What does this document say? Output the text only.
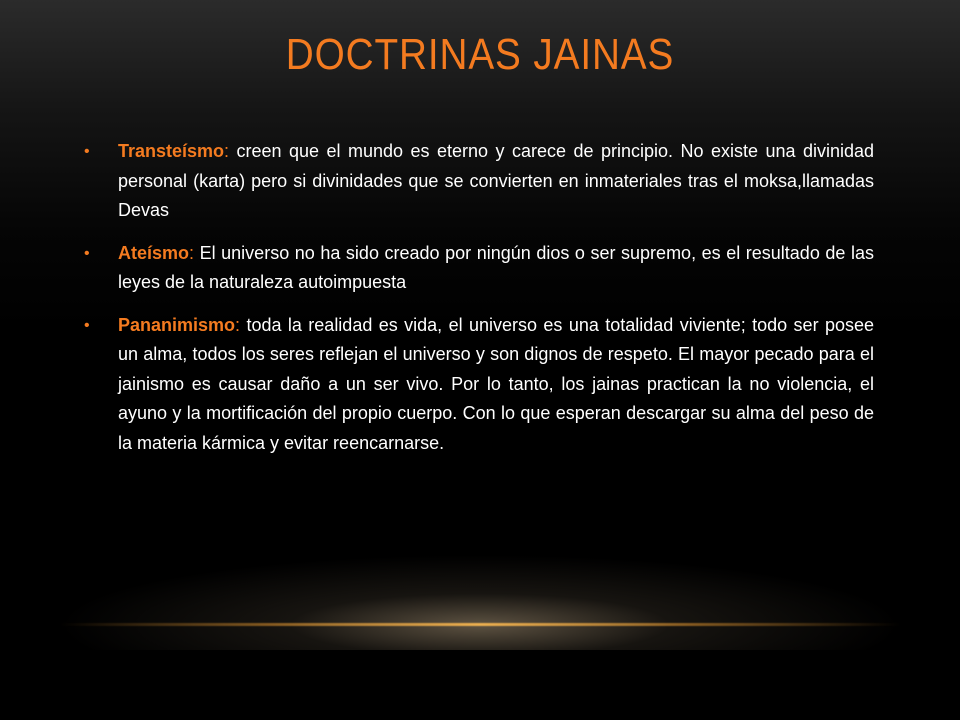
DOCTRINAS JAINAS
• Transteísmo: creen que el mundo es eterno y carece de principio. No existe una divinidad personal (karta) pero si divinidades que se convierten en inmateriales tras el moksa,llamadas Devas
• Ateísmo: El universo no ha sido creado por ningún dios o ser supremo, es el resultado de las leyes de la naturaleza autoimpuesta
• Pananimismo: toda la realidad es vida, el universo es una totalidad viviente; todo ser posee un alma, todos los seres reflejan el universo y son dignos de respeto. El mayor pecado para el jainismo es causar daño a un ser vivo. Por lo tanto, los jainas practican la no violencia, el ayuno y la mortificación del propio cuerpo. Con lo que esperan descargar su alma del peso de la materia kármica y evitar reencarnarse.
